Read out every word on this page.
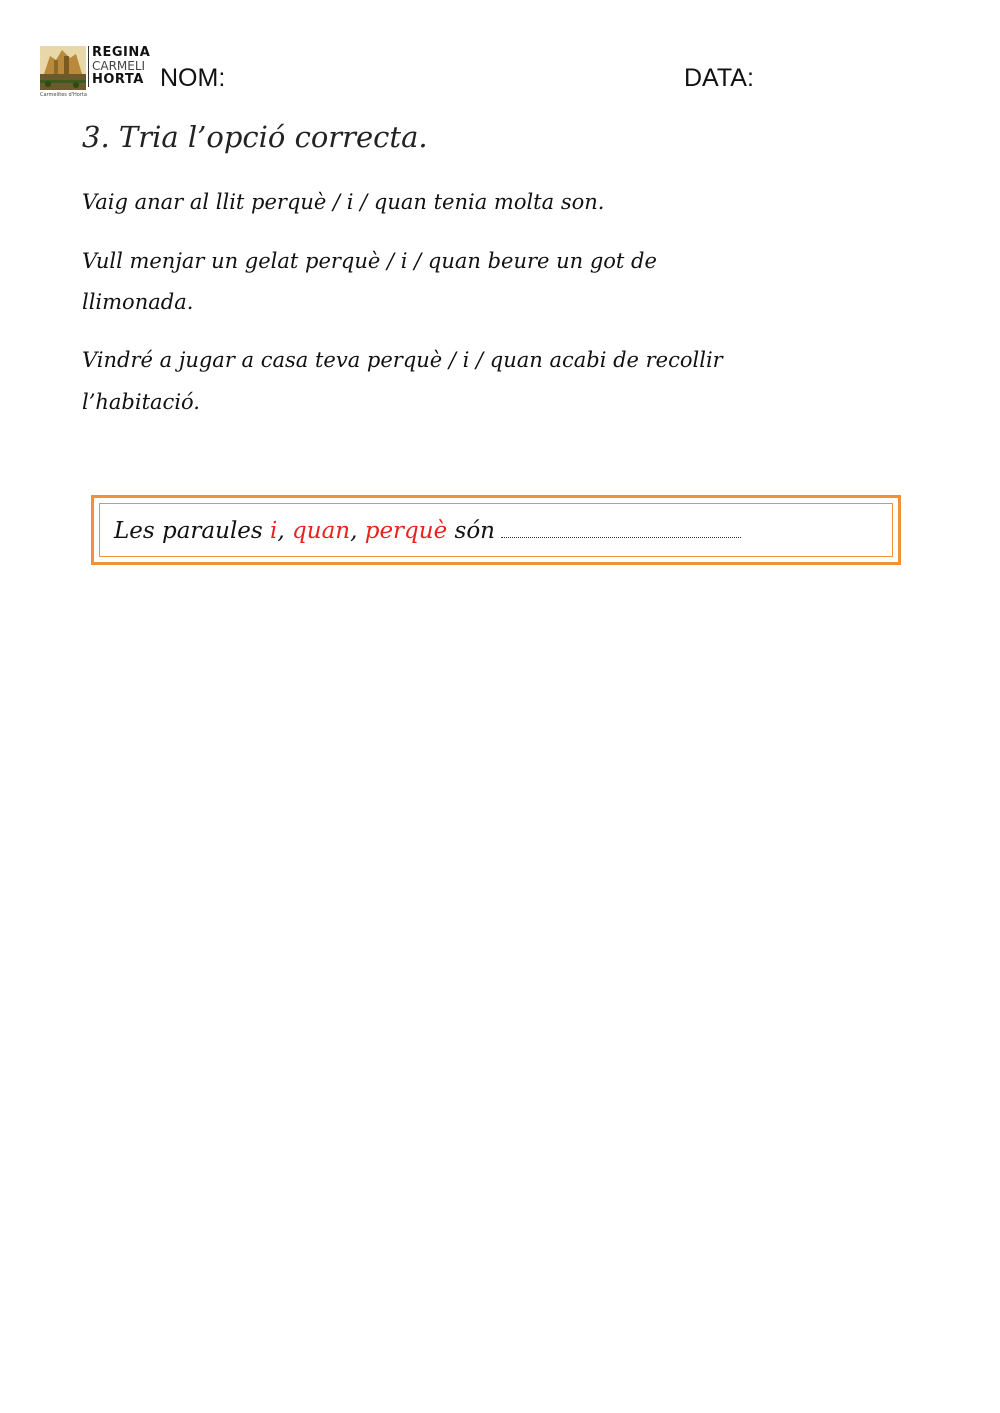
REGINA
CARMELI
HORTA
Carmelites d'Horta
NOM:	DATA:
3. Tria l’opció correcta.
Vaig anar al llit perquè / i / quan tenia molta son.
Vull menjar un gelat perquè / i / quan beure un got de
llimonada.
Vindré a jugar a casa teva perquè / i / quan acabi de recollir
l’habitació.
Les paraules i, quan, perquè són
